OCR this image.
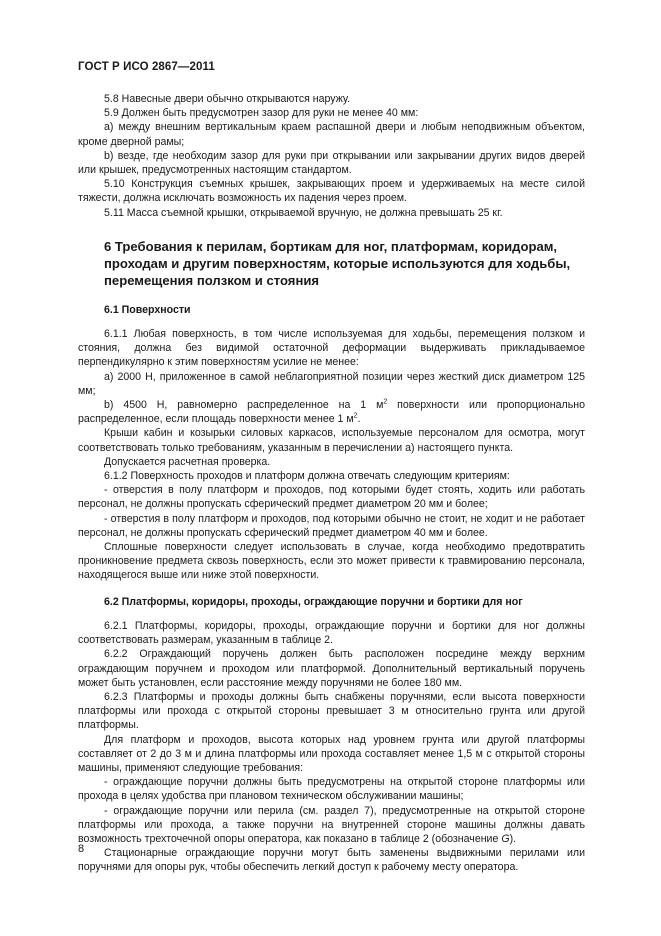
ГОСТ Р ИСО 2867—2011

5.8 Навесные двери обычно открываются наружу.

5.9 Должен быть предусмотрен зазор для руки не менее 40 мм:

а) между внешним вертикальным краем распашной двери и любым неподвижным объектом, кроме дверной рамы;

b) везде, где необходим зазор для руки при открывании или закрывании других видов дверей или крышек, предусмотренных настоящим стандартом.

5.10 Конструкция съемных крышек, закрывающих проем и удерживаемых на месте силой тяжести, должна исключать возможность их падения через проем.

5.11 Масса съемной крышки, открываемой вручную, не должна превышать 25 кг.

6 Требования к перилам, бортикам для ног, платформам, коридорам, проходам и другим поверхностям, которые используются для ходьбы, перемещения ползком и стояния
6.1 Поверхности

6.1.1 Любая поверхность, в том числе используемая для ходьбы, перемещения ползком и стояния, должна без видимой остаточной деформации выдерживать прикладываемое перпендикулярно к этим поверхностям усилие не менее:

а) 2000 Н, приложенное в самой неблагоприятной позиции через жесткий диск диаметром 125 мм;

b) 4500 Н, равномерно распределенное на 1 $м^2$ поверхности или пропорционально распределенное, если площадь поверхности менее 1 $м^2$.

Крыши кабин и козырьки силовых каркасов, используемые персоналом для осмотра, могут соответствовать только требованиям, указанным в перечислении а) настоящего пункта.

Допускается расчетная проверка.

6.1.2 Поверхность проходов и платформ должна отвечать следующим критериям:

- отверстия в полу платформ и проходов, под которыми будет стоять, ходить или работать персонал, не должны пропускать сферический предмет диаметром 20 мм и более;

- отверстия в полу платформ и проходов, под которыми обычно не стоит, не ходит и не работает персонал, не должны пропускать сферический предмет диаметром 40 мм и более.

Сплошные поверхности следует использовать в случае, когда необходимо предотвратить проникновение предмета сквозь поверхность, если это может привести к травмированию персонала, находящегося выше или ниже этой поверхности.

6.2 Платформы, коридоры, проходы, ограждающие поручни и бортики для ног

6.2.1 Платформы, коридоры, проходы, ограждающие поручни и бортики для ног должны соответствовать размерам, указанным в таблице 2.

6.2.2 Ограждающий поручень должен быть расположен посредине между верхним ограждающим поручнем и проходом или платформой. Дополнительный вертикальный поручень может быть установлен, если расстояние между поручнями не более 180 мм.

6.2.3 Платформы и проходы должны быть снабжены поручнями, если высота поверхности платформы или прохода с открытой стороны превышает 3 м относительно грунта или другой платформы.

Для платформ и проходов, высота которых над уровнем грунта или другой платформы составляет от 2 до 3 м и длина платформы или прохода составляет менее 1,5 м с открытой стороны машины, применяют следующие требования:

- ограждающие поручни должны быть предусмотрены на открытой стороне платформы или прохода в целях удобства при плановом техническом обслуживании машины;

- ограждающие поручни или перила (см. раздел 7), предусмотренные на открытой стороне платформы или прохода, а также поручни на внутренней стороне машины должны давать возможность трехточечной опоры оператора, как показано в таблице 2 (обозначение G).

Стационарные ограждающие поручни могут быть заменены выдвижными перилами или поручнями для опоры рук, чтобы обеспечить легкий доступ к рабочему месту оператора.

8
